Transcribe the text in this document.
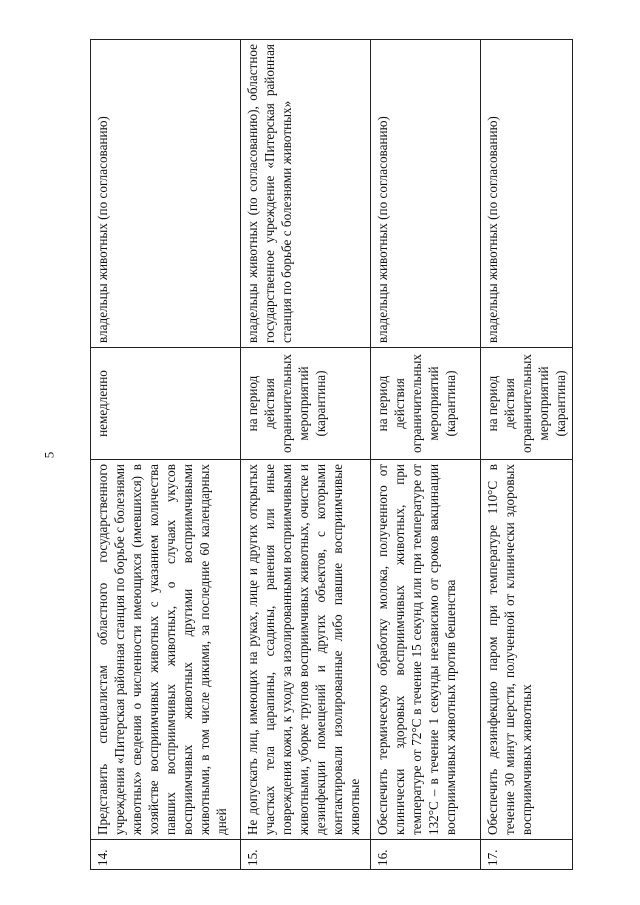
5
14.	Представить специалистам областного государственного учреждения «Питерская районная станция по борьбе с болезнями животных» сведения о численности имеющихся (имевшихся) в хозяйстве восприимчивых животных с указанием количества павших восприимчивых животных, о случаях укусов восприимчивых животных другими восприимчивыми животными, в том числе дикими, за последние 60 календарных дней	немедленно	владельцы животных (по согласованию)
15.	Не допускать лиц, имеющих на руках, лице и других открытых участках тела царапины, ссадины, ранения или иные повреждения кожи, к уходу за изолированными восприимчивыми животными, уборке трупов восприимчивых животных, очистке и дезинфекции помещений и других объектов, с которыми контактировали изолированные либо павшие восприимчивые животные	на период действия ограничительных мероприятий (карантина)	владельцы животных (по согласованию), областное государственное учреждение «Питерская районная станция по борьбе с болезнями животных»
16.	Обеспечить термическую обработку молока, полученного от клинически здоровых восприимчивых животных, при температуре от 72°С в течение 15 секунд или при температуре от 132°С – в течение 1 секунды независимо от сроков вакцинации восприимчивых животных против бешенства	на период действия ограничительных мероприятий (карантина)	владельцы животных (по согласованию)
17.	Обеспечить дезинфекцию паром при температуре 110°С в течение 30 минут шерсти, полученной от клинически здоровых восприимчивых животных	на период действия ограничительных мероприятий (карантина)	владельцы животных (по согласованию)
